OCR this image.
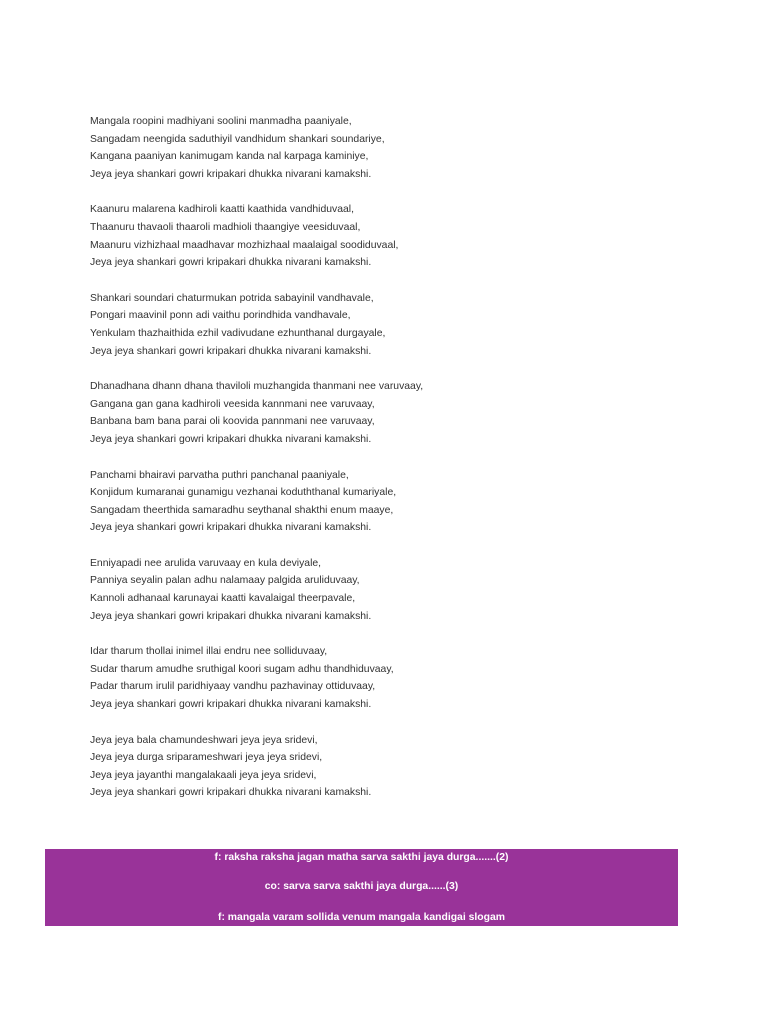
Mangala roopini madhiyani soolini manmadha paaniyale,
Sangadam neengida saduthiyil vandhidum shankari soundariye,
Kangana paaniyan kanimugam kanda nal karpaga kaminiye,
Jeya jeya shankari gowri kripakari dhukka nivarani kamakshi.
Kaanuru malarena kadhiroli kaatti kaathida vandhiduvaal,
Thaanuru thavaoli thaaroli madhioli thaangiye veesiduvaal,
Maanuru vizhizhaal maadhavar mozhizhaal maalaigal soodiduvaal,
Jeya jeya shankari gowri kripakari dhukka nivarani kamakshi.
Shankari soundari chaturmukan potrida sabayinil vandhavale,
Pongari maavinil ponn adi vaithu porindhida vandhavale,
Yenkulam thazhaithida ezhil vadivudane ezhunthanal durgayale,
Jeya jeya shankari gowri kripakari dhukka nivarani kamakshi.
Dhanadhana dhann dhana thaviloli muzhangida thanmani nee varuvaay,
Gangana gan gana kadhiroli veesida kannmani nee varuvaay,
Banbana bam bana parai oli koovida pannmani nee varuvaay,
Jeya jeya shankari gowri kripakari dhukka nivarani kamakshi.
Panchami bhairavi parvatha puthri panchanal paaniyale,
Konjidum kumaranai gunamigu vezhanai koduththanal kumariyale,
Sangadam theerthida samaradhu seythanal shakthi enum maaye,
Jeya jeya shankari gowri kripakari dhukka nivarani kamakshi.
Enniyapadi nee arulida varuvaay en kula deviyale,
Panniya seyalin palan adhu nalamaay palgida aruliduvaay,
Kannoli adhanaal karunayai kaatti kavalaigal theerpavale,
Jeya jeya shankari gowri kripakari dhukka nivarani kamakshi.
Idar tharum thollai inimel illai endru nee solliduvaay,
Sudar tharum amudhe sruthigal koori sugam adhu thandhiduvaay,
Padar tharum irulil paridhiyaay vandhu pazhavinay ottiduvaay,
Jeya jeya shankari gowri kripakari dhukka nivarani kamakshi.
Jeya jeya bala chamundeshwari jeya jeya sridevi,
Jeya jeya durga sriparameshwari jeya jeya sridevi,
Jeya jeya jayanthi mangalakaali jeya jeya sridevi,
Jeya jeya shankari gowri kripakari dhukka nivarani kamakshi.
f: raksha raksha jagan matha sarva sakthi jaya durga.......(2)
co: sarva sarva sakthi jaya durga......(3)
f: mangala varam sollida venum mangala kandigai slogam
